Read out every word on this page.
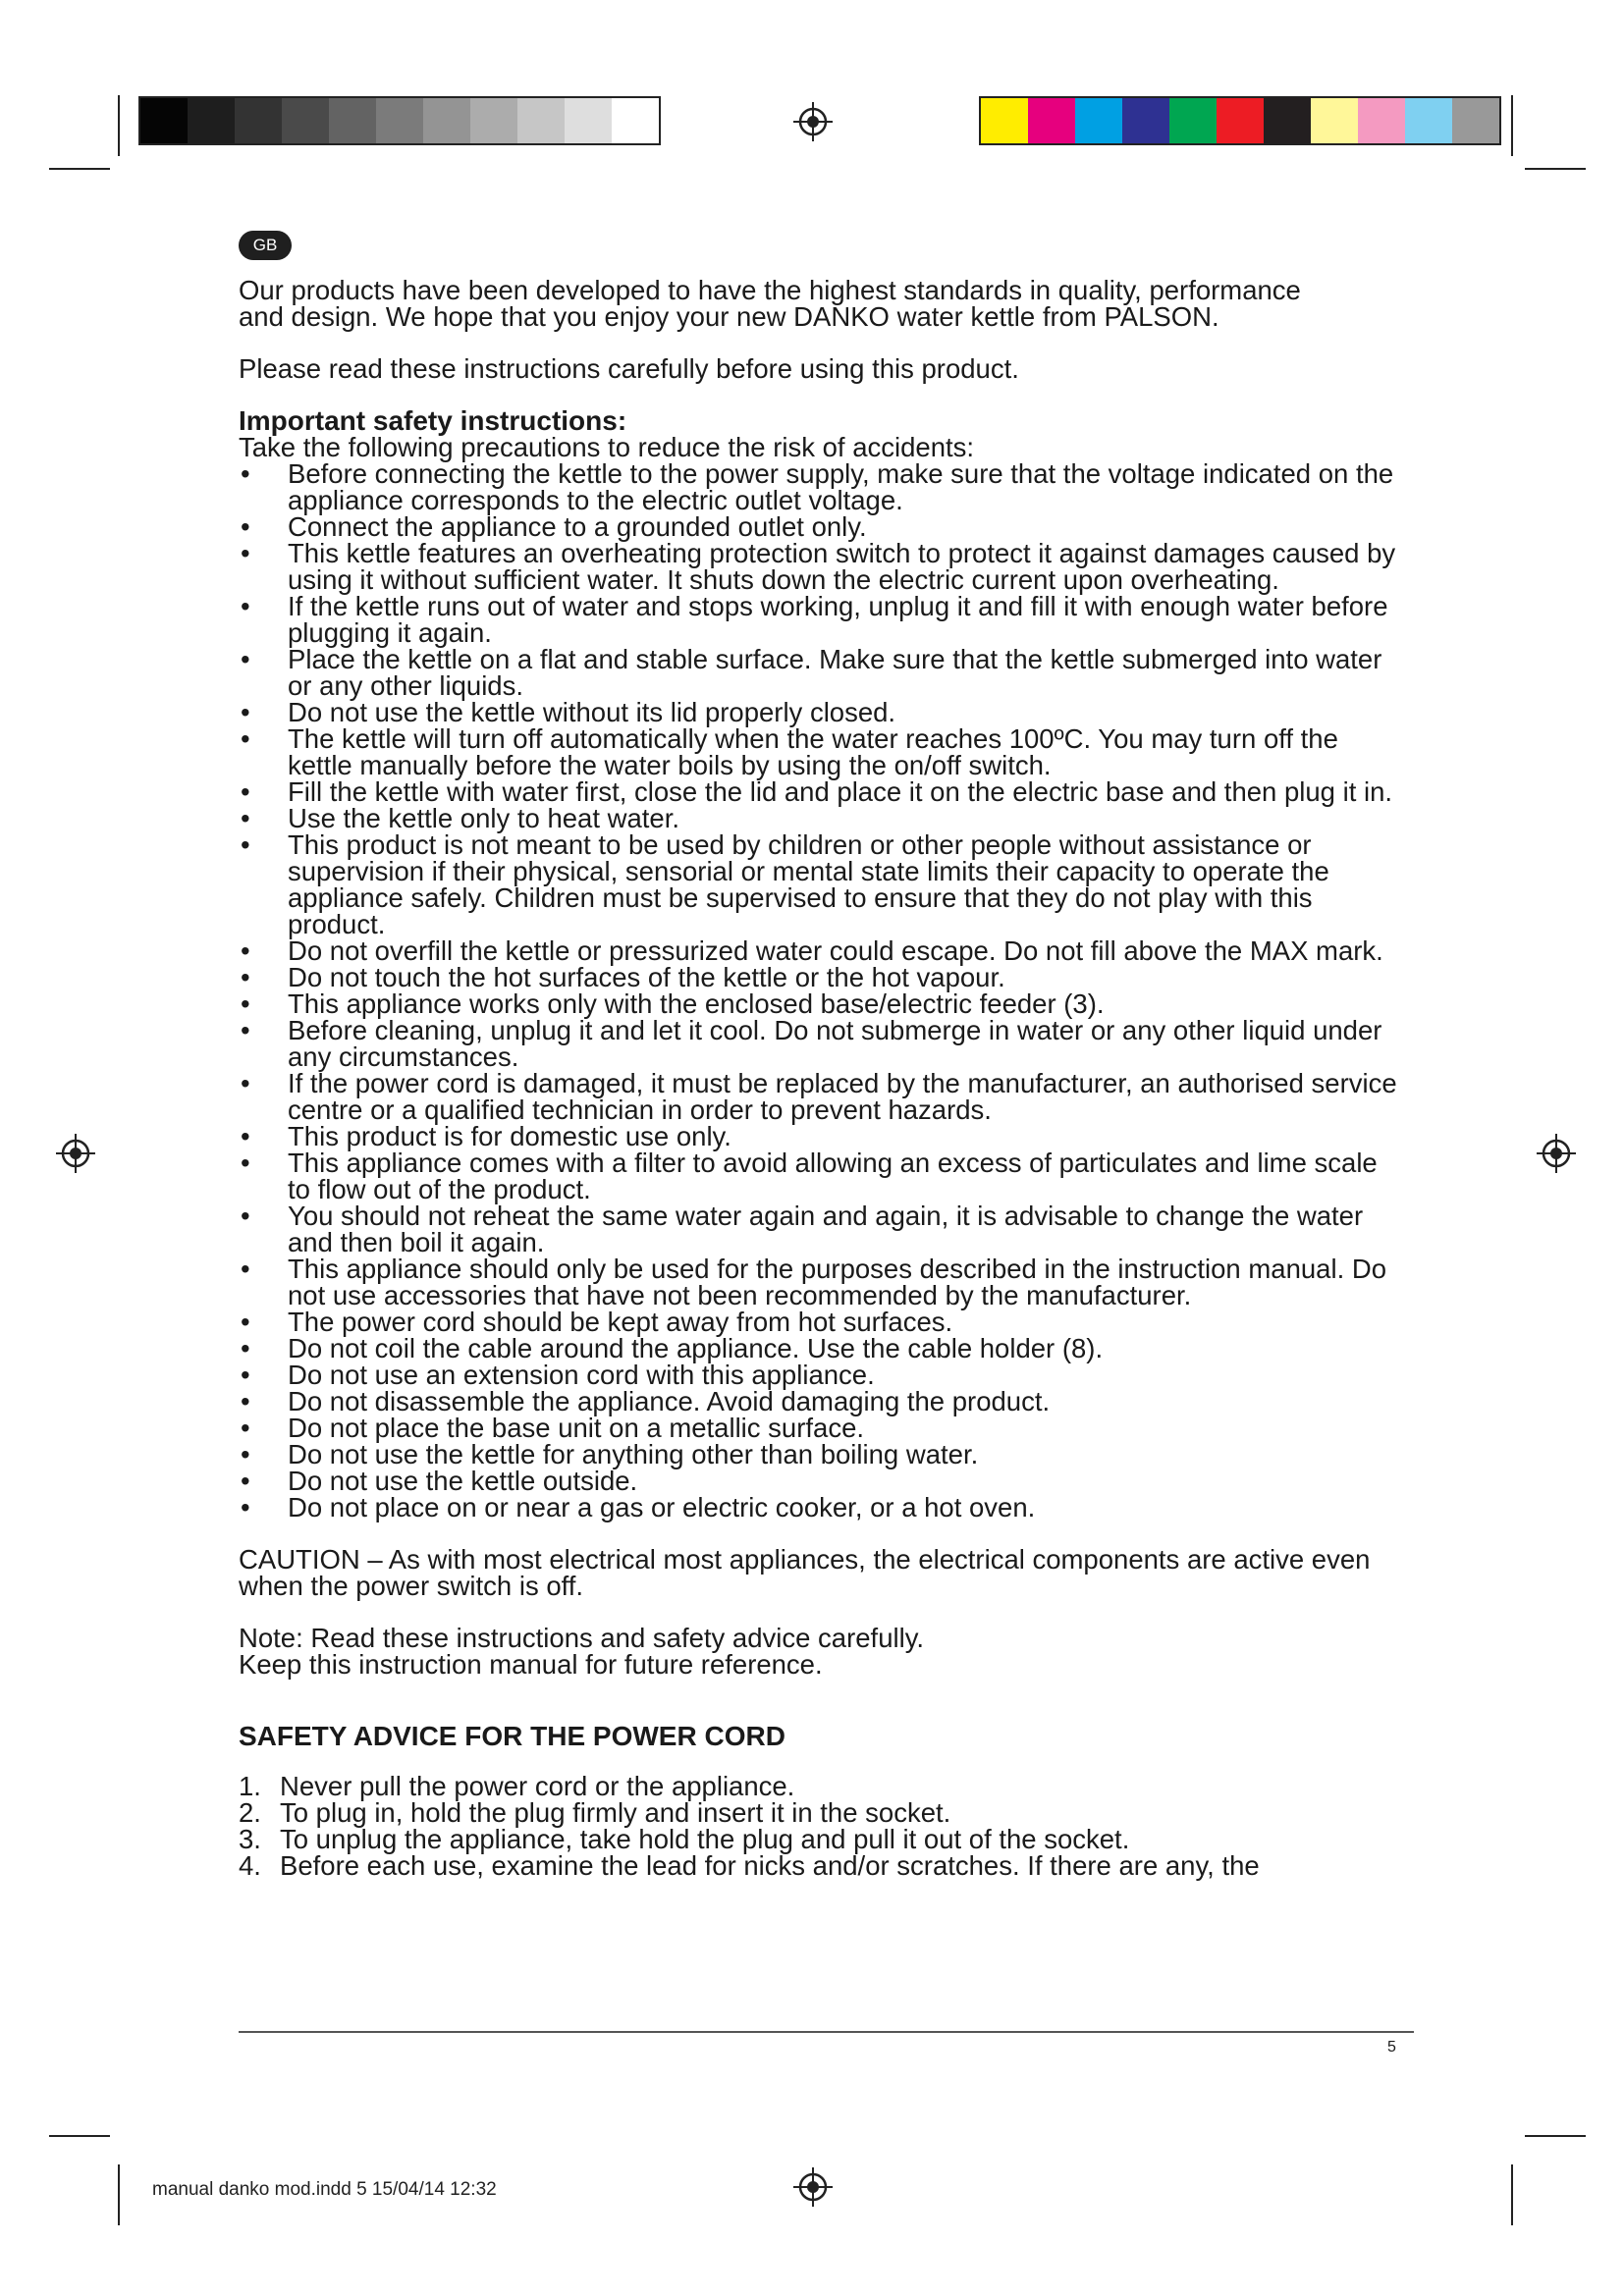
GB

Our products have been developed to have the highest standards in quality, performance
and design. We hope that you enjoy your new DANKO water kettle from PALSON.

Please read these instructions carefully before using this product.

Important safety instructions:

Take the following precautions to reduce the risk of accidents:

• Before connecting the kettle to the power supply, make sure that the voltage indicated on the appliance corresponds to the electric outlet voltage.
• Connect the appliance to a grounded outlet only.
• This kettle features an overheating protection switch to protect it against damages caused by using it without sufficient water. It shuts down the electric current upon overheating.
• If the kettle runs out of water and stops working, unplug it and fill it with enough water before plugging it again.
• Place the kettle on a flat and stable surface. Make sure that the kettle submerged into water or any other liquids.
• Do not use the kettle without its lid properly closed.
• The kettle will turn off automatically when the water reaches 100ºC. You may turn off the kettle manually before the water boils by using the on/off switch.
• Fill the kettle with water first, close the lid and place it on the electric base and then plug it in.
• Use the kettle only to heat water.
• This product is not meant to be used by children or other people without assistance or supervision if their physical, sensorial or mental state limits their capacity to operate the appliance safely. Children must be supervised to ensure that they do not play with this product.
• Do not overfill the kettle or pressurized water could escape. Do not fill above the MAX mark.
• Do not touch the hot surfaces of the kettle or the hot vapour.
• This appliance works only with the enclosed base/electric feeder (3).
• Before cleaning, unplug it and let it cool. Do not submerge in water or any other liquid under any circumstances.
• If the power cord is damaged, it must be replaced by the manufacturer, an authorised service centre or a qualified technician in order to prevent hazards.
• This product is for domestic use only.
• This appliance comes with a filter to avoid allowing an excess of particulates and lime scale to flow out of the product.
• You should not reheat the same water again and again, it is advisable to change the water and then boil it again.
• This appliance should only be used for the purposes described in the instruction manual. Do not use accessories that have not been recommended by the manufacturer.
• The power cord should be kept away from hot surfaces.
• Do not coil the cable around the appliance. Use the cable holder (8).
• Do not use an extension cord with this appliance.
• Do not disassemble the appliance. Avoid damaging the product.
• Do not place the base unit on a metallic surface.
• Do not use the kettle for anything other than boiling water.
• Do not use the kettle outside.
• Do not place on or near a gas or electric cooker, or a hot oven.

CAUTION – As with most electrical most appliances, the electrical components are active even when the power switch is off.

Note: Read these instructions and safety advice carefully.
Keep this instruction manual for future reference.

SAFETY ADVICE FOR THE POWER CORD

1. Never pull the power cord or the appliance.
2. To plug in, hold the plug firmly and insert it in the socket.
3. To unplug the appliance, take hold the plug and pull it out of the socket.
4. Before each use, examine the lead for nicks and/or scratches. If there are any, the
5
manual danko mod.indd 5 15/04/14 12:32
